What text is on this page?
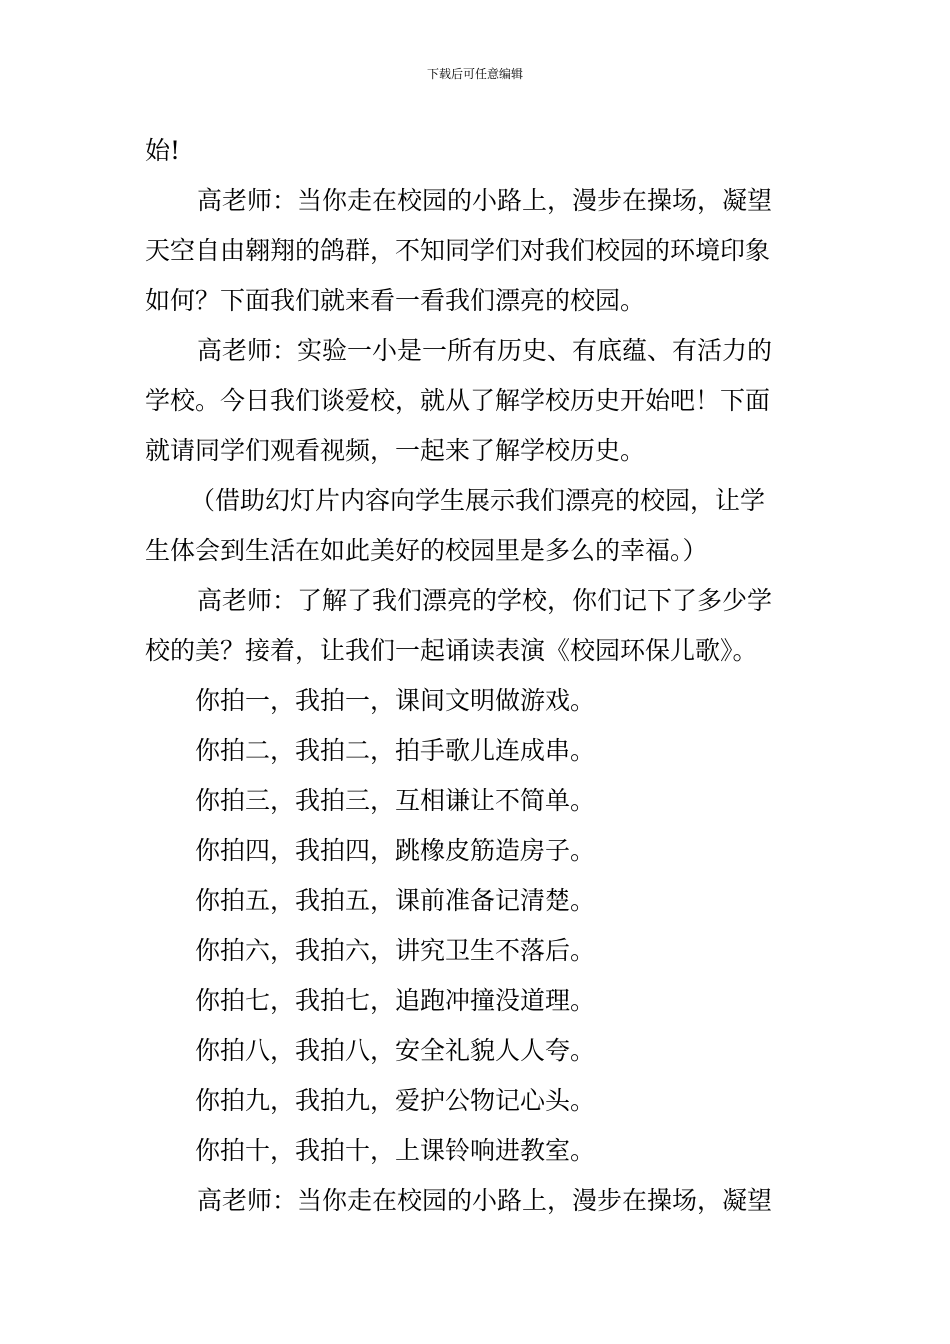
下载后可任意编辑
始!
高老师：当你走在校园的小路上，漫步在操场，凝望
天空自由翱翔的鸽群，不知同学们对我们校园的环境印象
如何？下面我们就来看一看我们漂亮的校园。
高老师：实验一小是一所有历史、有底蕴、有活力的
学校。今日我们谈爱校，就从了解学校历史开始吧！下面
就请同学们观看视频，一起来了解学校历史。
（借助幻灯片内容向学生展示我们漂亮的校园，让学
生体会到生活在如此美好的校园里是多么的幸福。）
高老师：了解了我们漂亮的学校，你们记下了多少学
校的美？接着，让我们一起诵读表演《校园环保儿歌》。
你拍一，我拍一，课间文明做游戏。
你拍二，我拍二，拍手歌儿连成串。
你拍三，我拍三，互相谦让不简单。
你拍四，我拍四，跳橡皮筋造房子。
你拍五，我拍五，课前准备记清楚。
你拍六，我拍六，讲究卫生不落后。
你拍七，我拍七，追跑冲撞没道理。
你拍八，我拍八，安全礼貌人人夸。
你拍九，我拍九，爱护公物记心头。
你拍十，我拍十，上课铃响进教室。
高老师：当你走在校园的小路上，漫步在操场，凝望
